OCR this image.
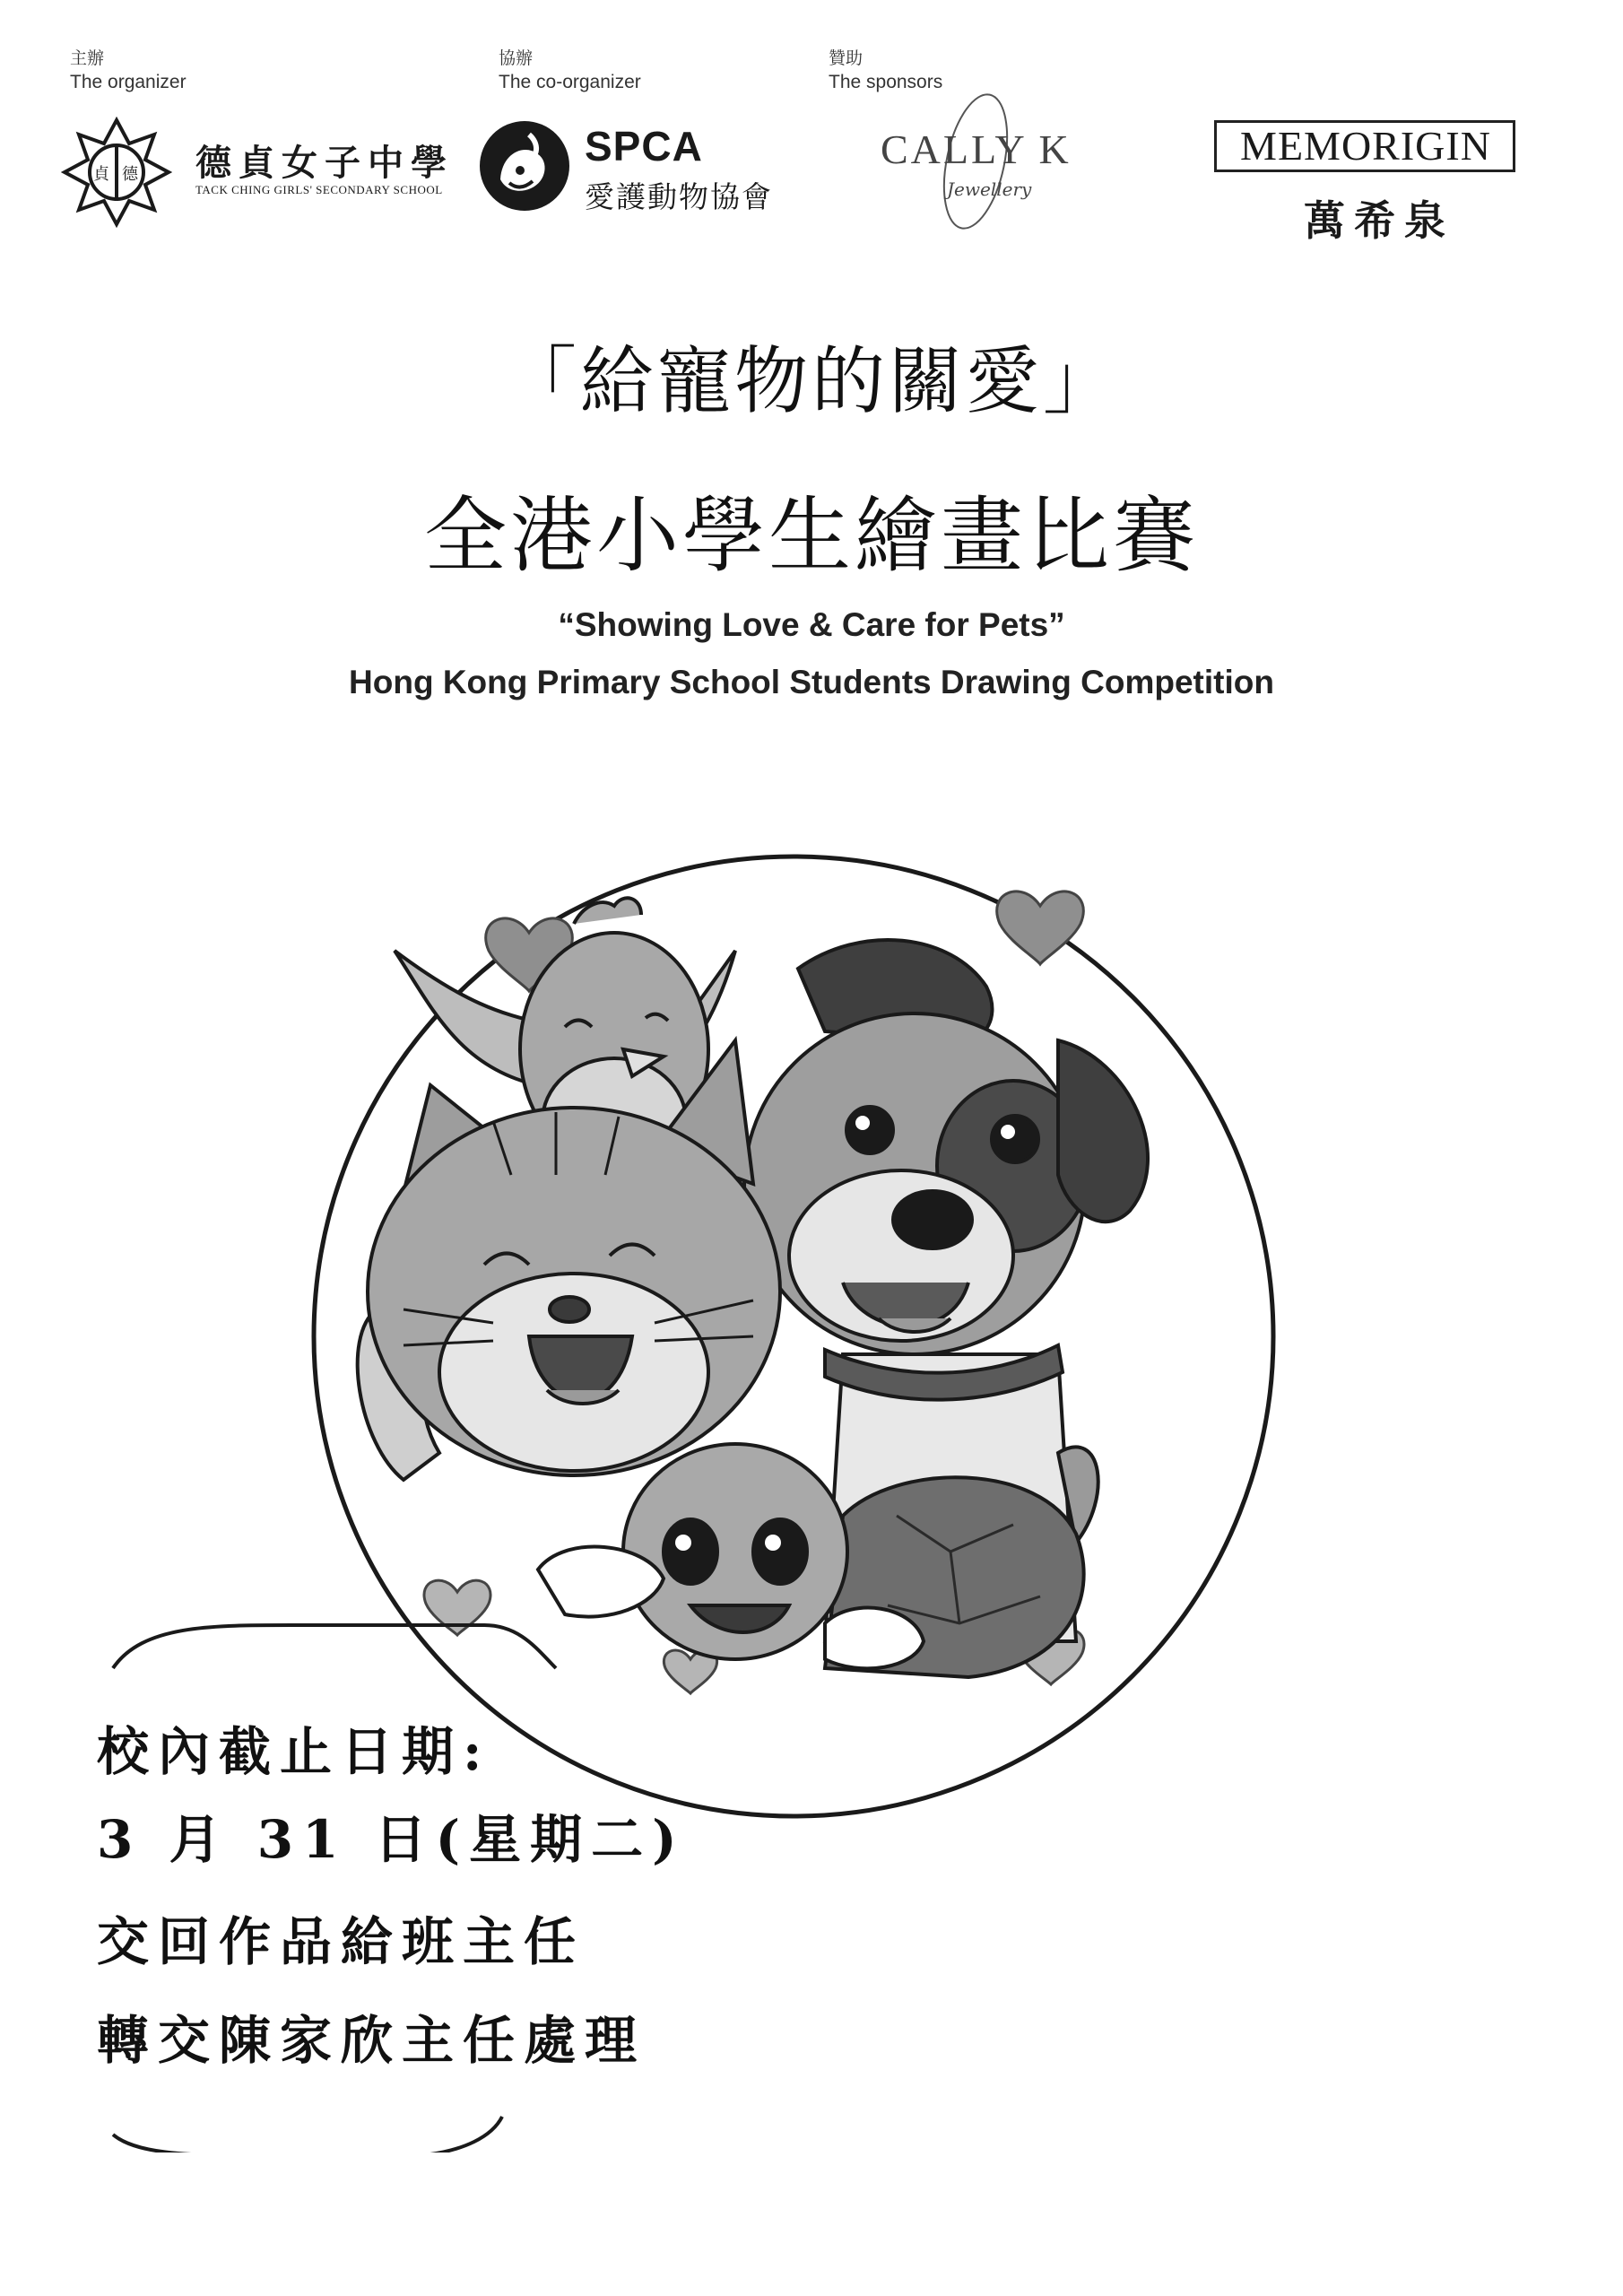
主辦
The organizer
協辦
The co-organizer
贊助
The sponsors
貞 德 德貞女子中學
TACK CHING GIRLS' SECONDARY SCHOOL
SPCA
愛護動物協會
CALLY K
Jewellery
MEMORIGIN
萬希泉
「給寵物的關愛」
全港小學生繪畫比賽
“Showing Love & Care for Pets”
Hong Kong Primary School Students Drawing Competition
校內截止日期:
3 月 31 日(星期二)
交回作品給班主任
轉交陳家欣主任處理
